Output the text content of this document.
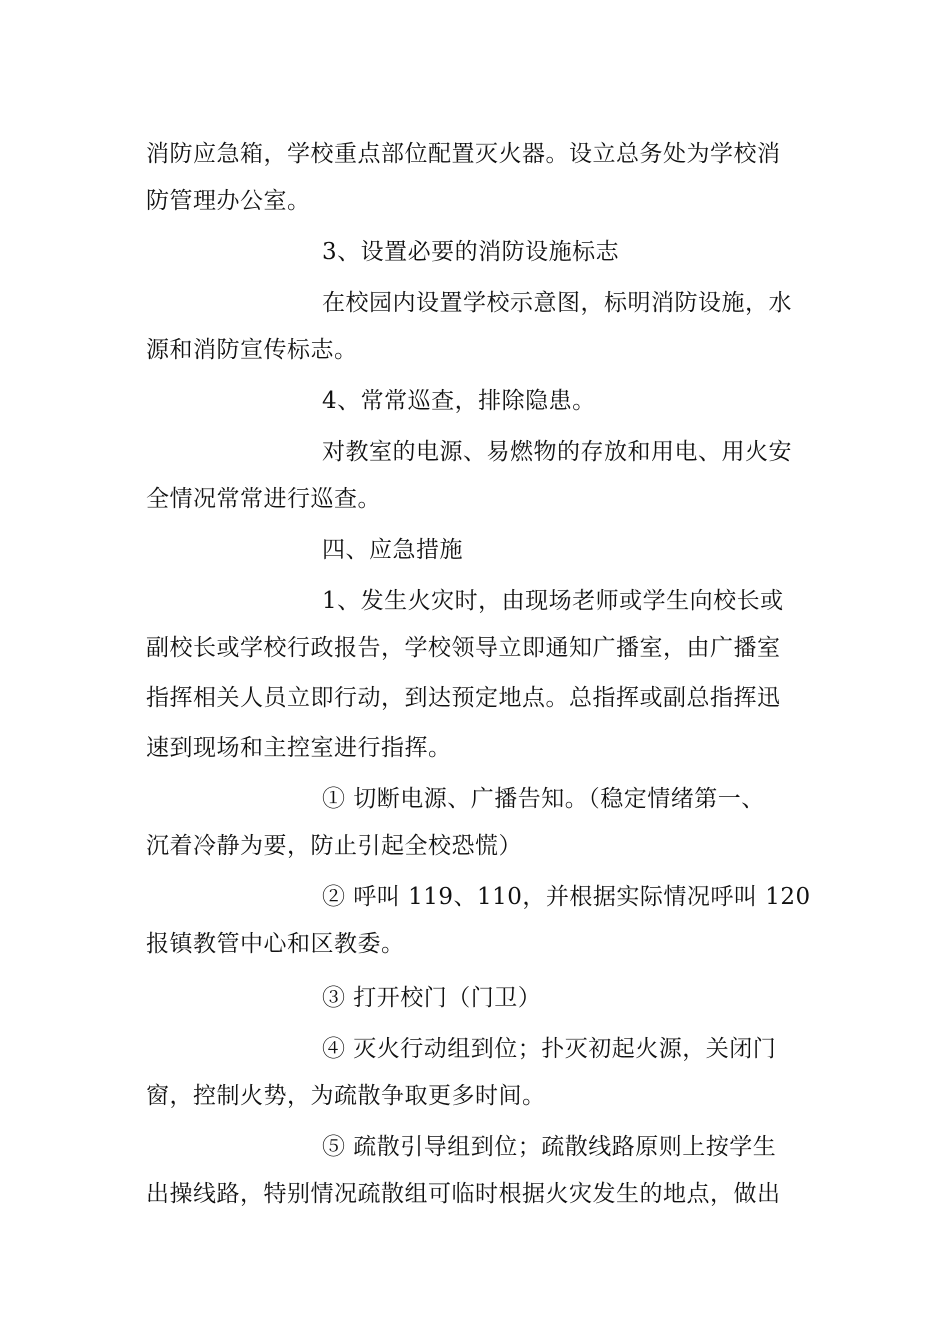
消防应急箱，学校重点部位配置灭火器。设立总务处为学校消
防管理办公室。
3、设置必要的消防设施标志
在校园内设置学校示意图，标明消防设施，水
源和消防宣传标志。
4、常常巡查，排除隐患。
对教室的电源、易燃物的存放和用电、用火安
全情况常常进行巡查。
四、应急措施
1、发生火灾时，由现场老师或学生向校长或
副校长或学校行政报告，学校领导立即通知广播室，由广播室
指挥相关人员立即行动，到达预定地点。总指挥或副总指挥迅
速到现场和主控室进行指挥。
① 切断电源、广播告知。（稳定情绪第一、
沉着冷静为要，防止引起全校恐慌）
② 呼叫 119、110，并根据实际情况呼叫 120
报镇教管中心和区教委。
③ 打开校门（门卫）
④ 灭火行动组到位；扑灭初起火源，关闭门
窗，控制火势，为疏散争取更多时间。
⑤ 疏散引导组到位；疏散线路原则上按学生
出操线路，特别情况疏散组可临时根据火灾发生的地点，做出
